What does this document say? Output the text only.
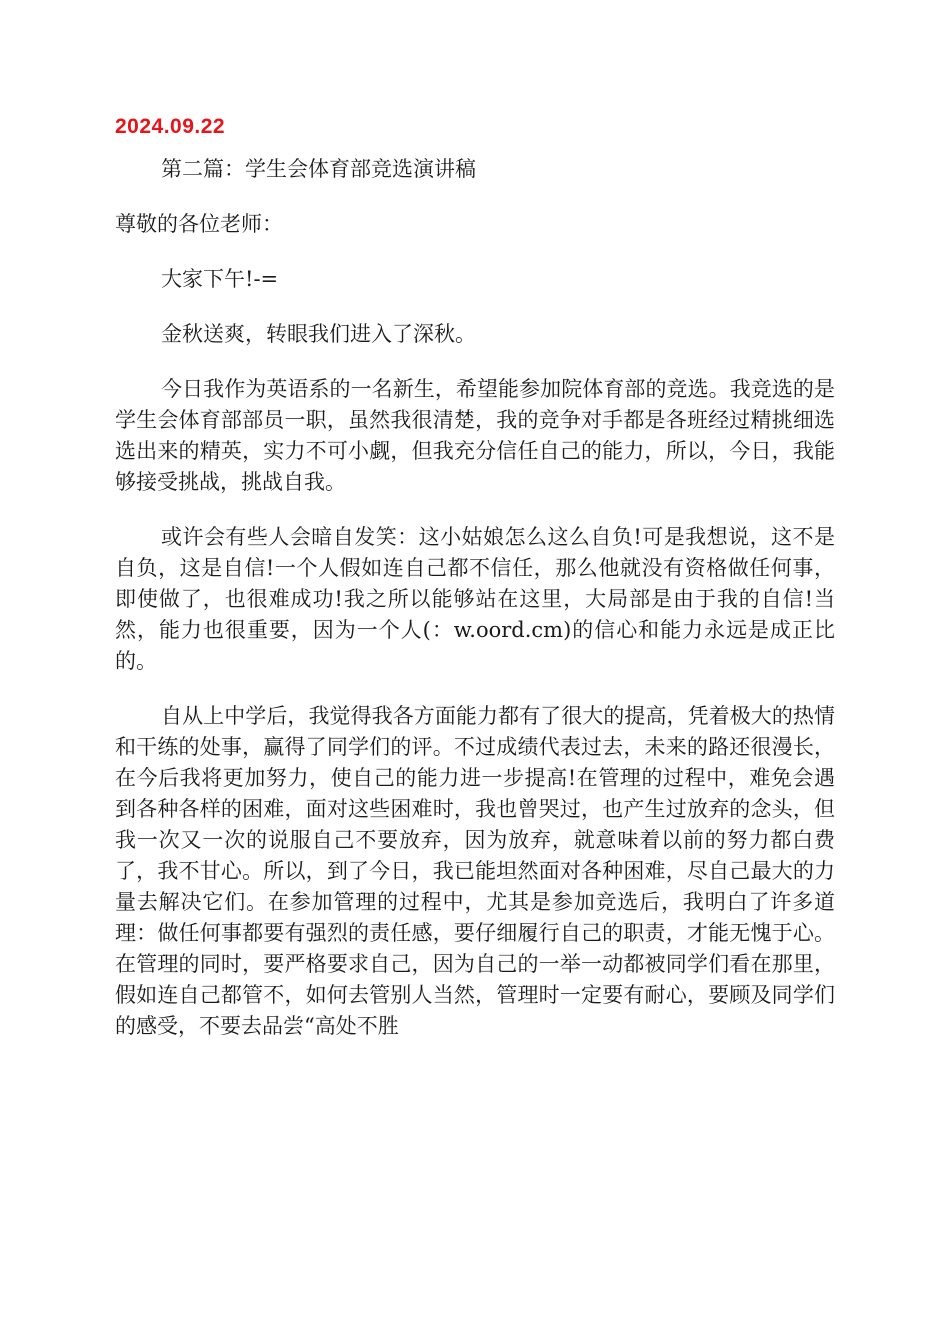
2024.09.22

第二篇：学生会体育部竞选演讲稿

尊敬的各位老师：

大家下午!-=

金秋送爽，转眼我们进入了深秋。

今日我作为英语系的一名新生，希望能参加院体育部的竞选。我竞选的是学生会体育部部员一职，虽然我很清楚，我的竞争对手都是各班经过精挑细选选出来的精英，实力不可小觑，但我充分信任自己的能力，所以，今日，我能够接受挑战，挑战自我。

或许会有些人会暗自发笑：这小姑娘怎么这么自负!可是我想说，这不是自负，这是自信!一个人假如连自己都不信任，那么他就没有资格做任何事，即使做了，也很难成功!我之所以能够站在这里，大局部是由于我的自信!当然，能力也很重要，因为一个人(：w.oord.cm)的信心和能力永远是成正比的。

自从上中学后，我觉得我各方面能力都有了很大的提高，凭着极大的热情和干练的处事，赢得了同学们的评。不过成绩代表过去，未来的路还很漫长，在今后我将更加努力，使自己的能力进一步提高!在管理的过程中，难免会遇到各种各样的困难，面对这些困难时，我也曾哭过，也产生过放弃的念头，但我一次又一次的说服自己不要放弃，因为放弃，就意味着以前的努力都白费了，我不甘心。所以，到了今日，我已能坦然面对各种困难，尽自己最大的力量去解决它们。在参加管理的过程中，尤其是参加竞选后，我明白了许多道理：做任何事都要有强烈的责任感，要仔细履行自己的职责，才能无愧于心。在管理的同时，要严格要求自己，因为自己的一举一动都被同学们看在那里，假如连自己都管不，如何去管别人当然，管理时一定要有耐心，要顾及同学们的感受，不要去品尝“高处不胜
